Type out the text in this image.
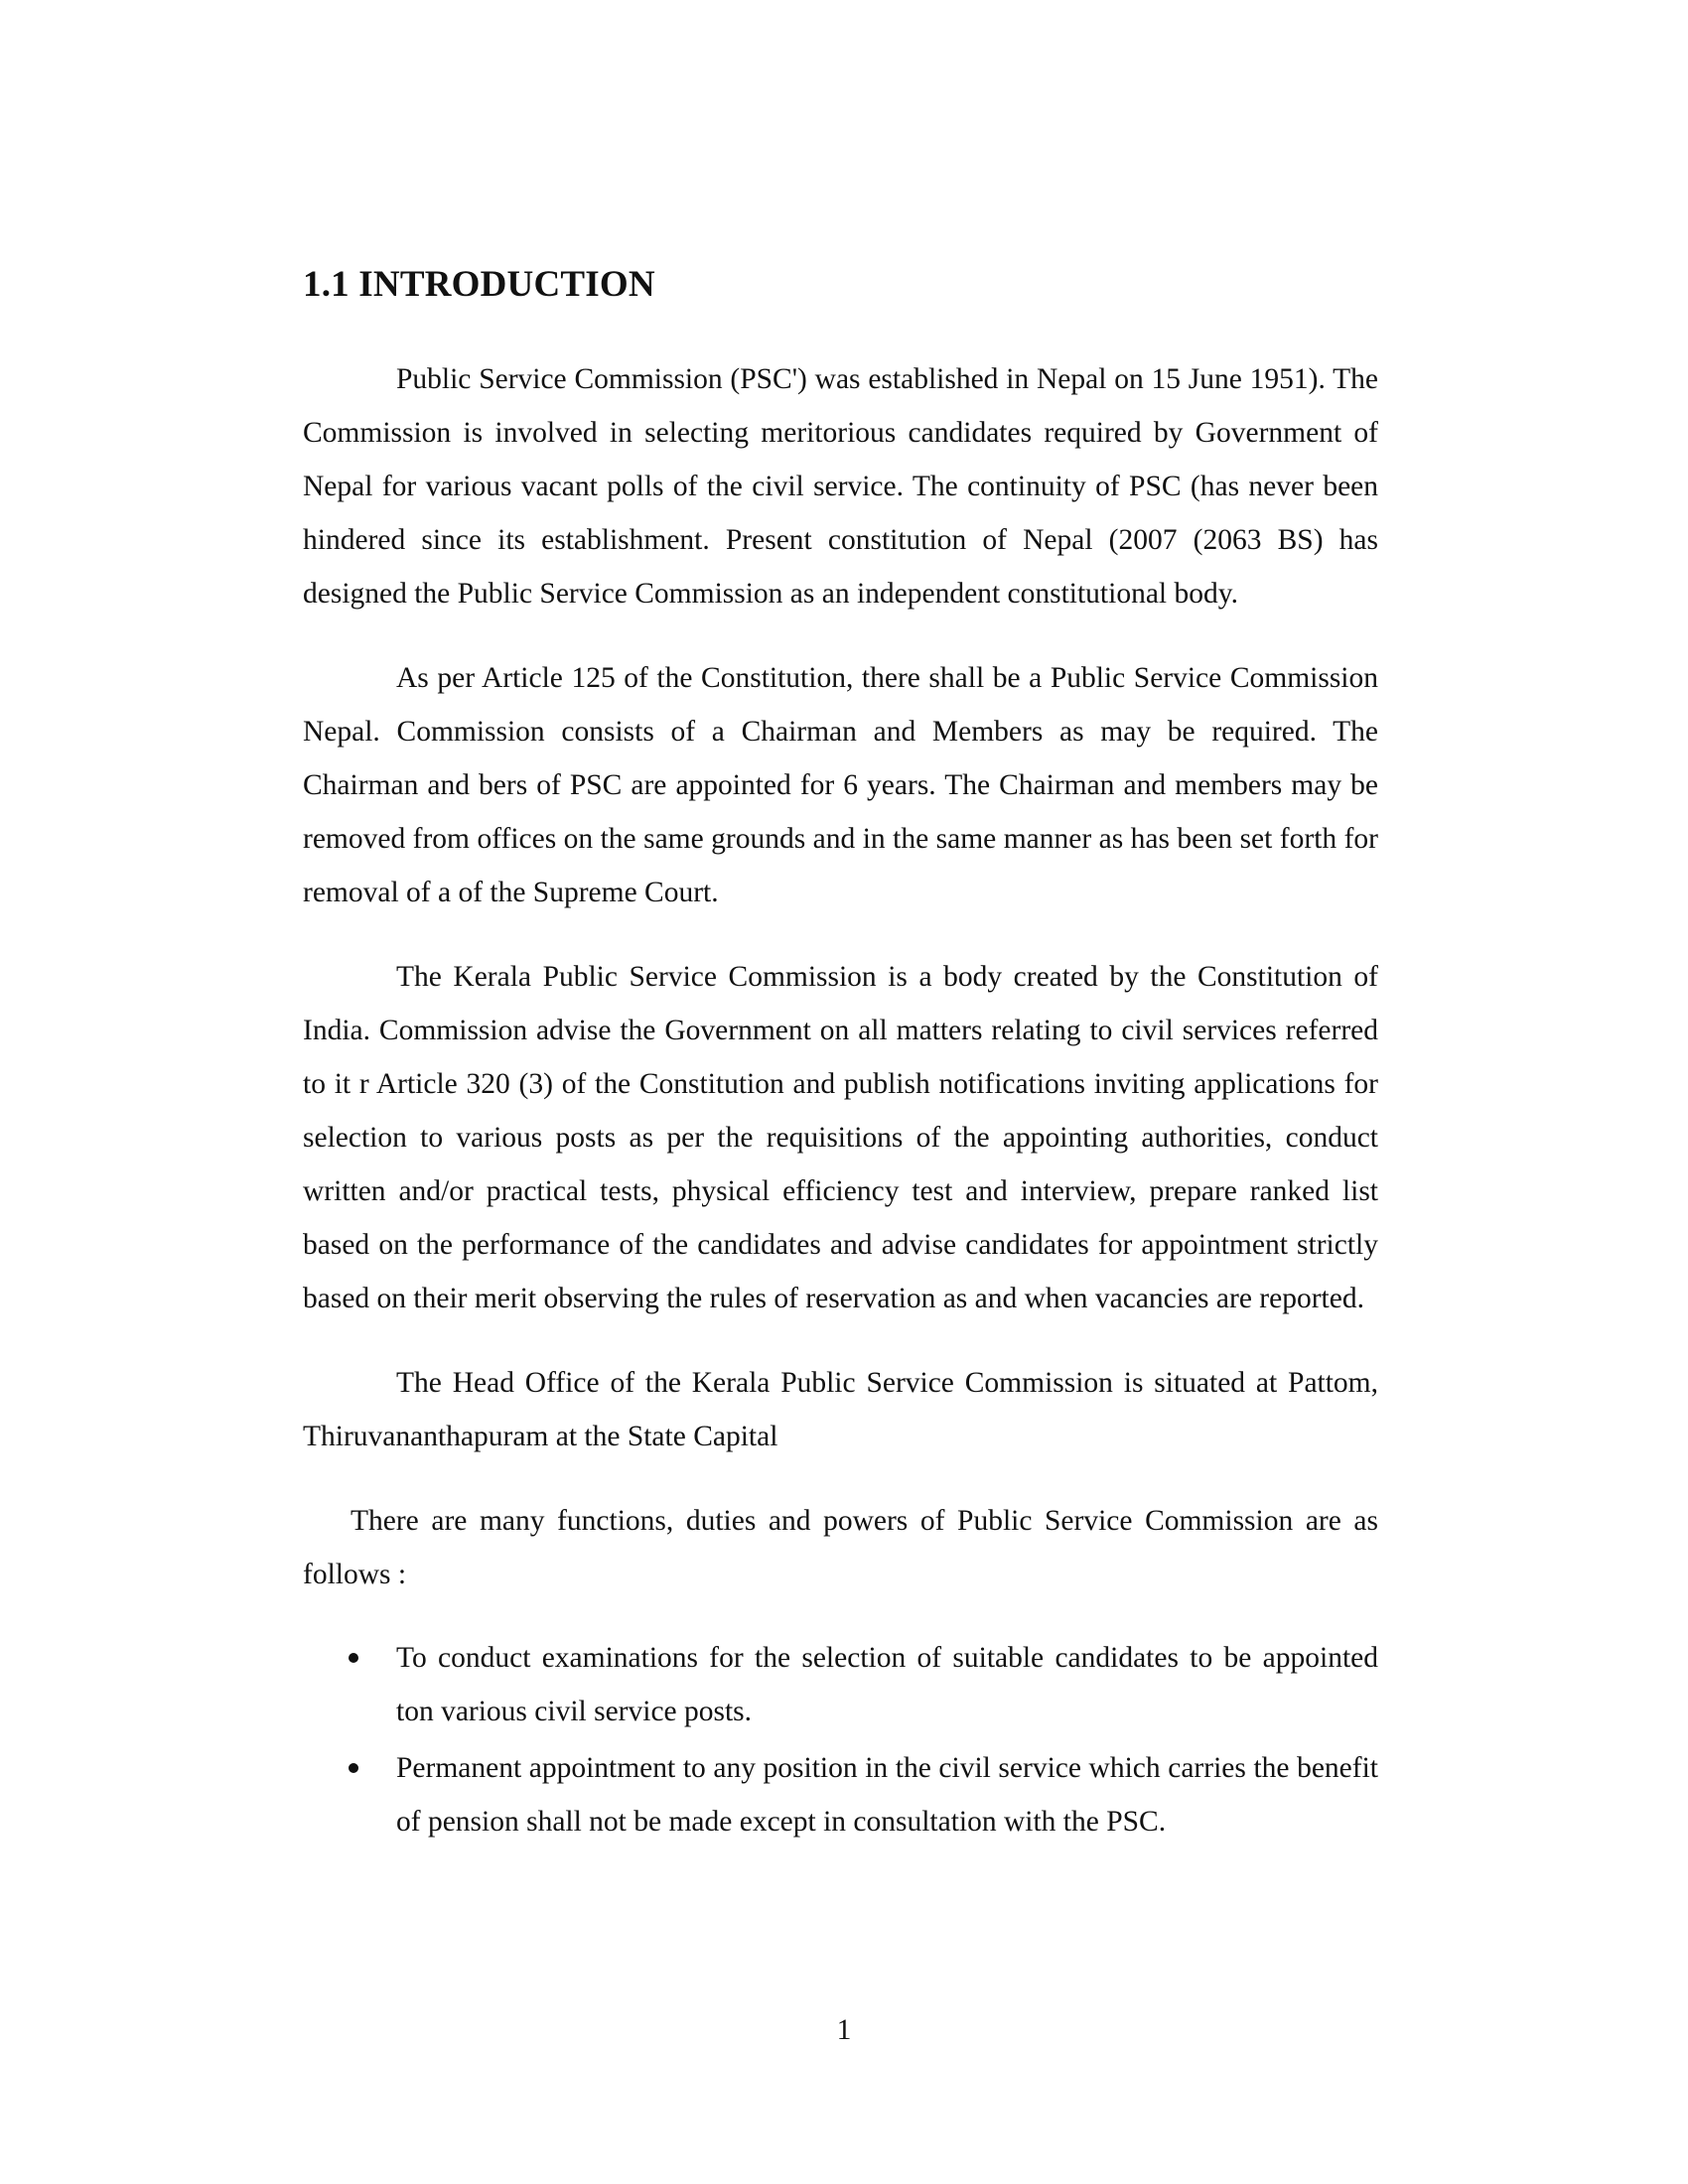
1.1 INTRODUCTION

Public Service Commission (PSC') was established in Nepal on 15 June 1951). The Commission is involved in selecting meritorious candidates required by Government of Nepal for various vacant polls of the civil service. The continuity of PSC (has never been hindered since its establishment. Present constitution of Nepal (2007 (2063 BS) has designed the Public Service Commission as an independent constitutional body.

As per Article 125 of the Constitution, there shall be a Public Service Commission Nepal. Commission consists of a Chairman and Members as may be required. The Chairman and bers of PSC are appointed for 6 years. The Chairman and members may be removed from offices on the same grounds and in the same manner as has been set forth for removal of a of the Supreme Court.

The Kerala Public Service Commission is a body created by the Constitution of India. Commission advise the Government on all matters relating to civil services referred to it r Article 320 (3) of the Constitution and publish notifications inviting applications for selection to various posts as per the requisitions of the appointing authorities, conduct written and/or practical tests, physical efficiency test and interview, prepare ranked list based on the performance of the candidates and advise candidates for appointment strictly based on their merit observing the rules of reservation as and when vacancies are reported.

The Head Office of the Kerala Public Service Commission is situated at Pattom, Thiruvananthapuram at the State Capital

There are many functions, duties and powers of Public Service Commission are as follows :

To conduct examinations for the selection of suitable candidates to be appointed ton various civil service posts.
Permanent appointment to any position in the civil service which carries the benefit of pension shall not be made except in consultation with the PSC.
1
